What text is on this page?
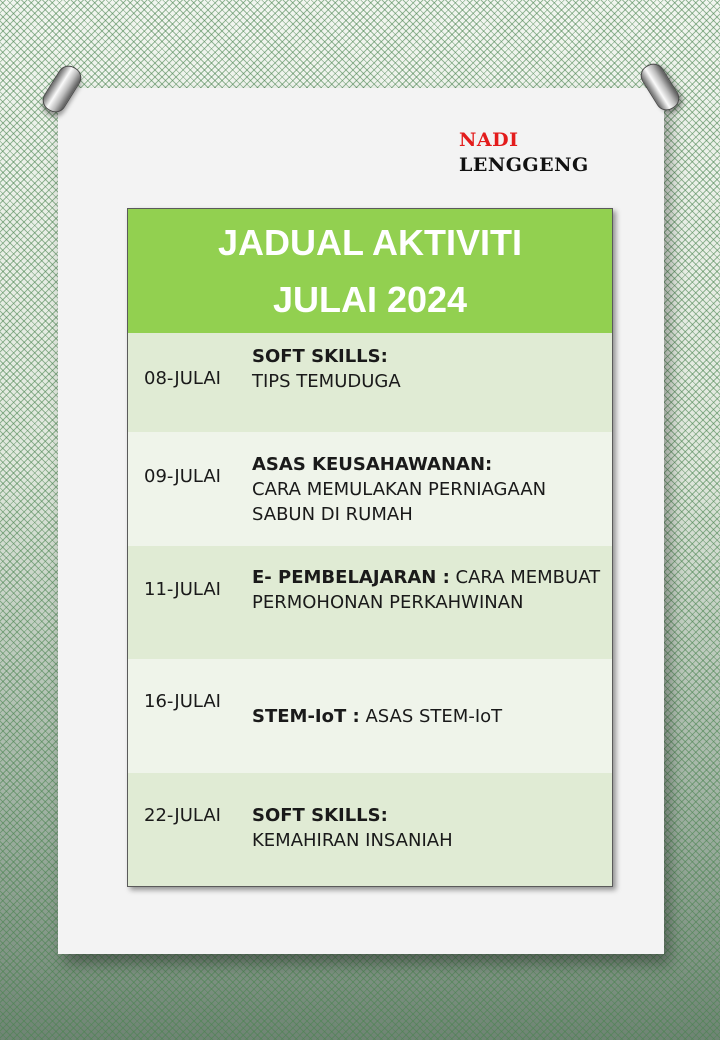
NADI
LENGGENG
JADUAL AKTIVITI
JULAI 2024
08-JULAI
SOFT SKILLS:
TIPS TEMUDUGA
09-JULAI
ASAS KEUSAHAWANAN:
CARA MEMULAKAN PERNIAGAAN SABUN DI RUMAH
11-JULAI
E- PEMBELAJARAN : CARA MEMBUAT PERMOHONAN PERKAHWINAN
16-JULAI
STEM-IoT : ASAS STEM-IoT
22-JULAI SOFT SKILLS:
KEMAHIRAN INSANIAH
